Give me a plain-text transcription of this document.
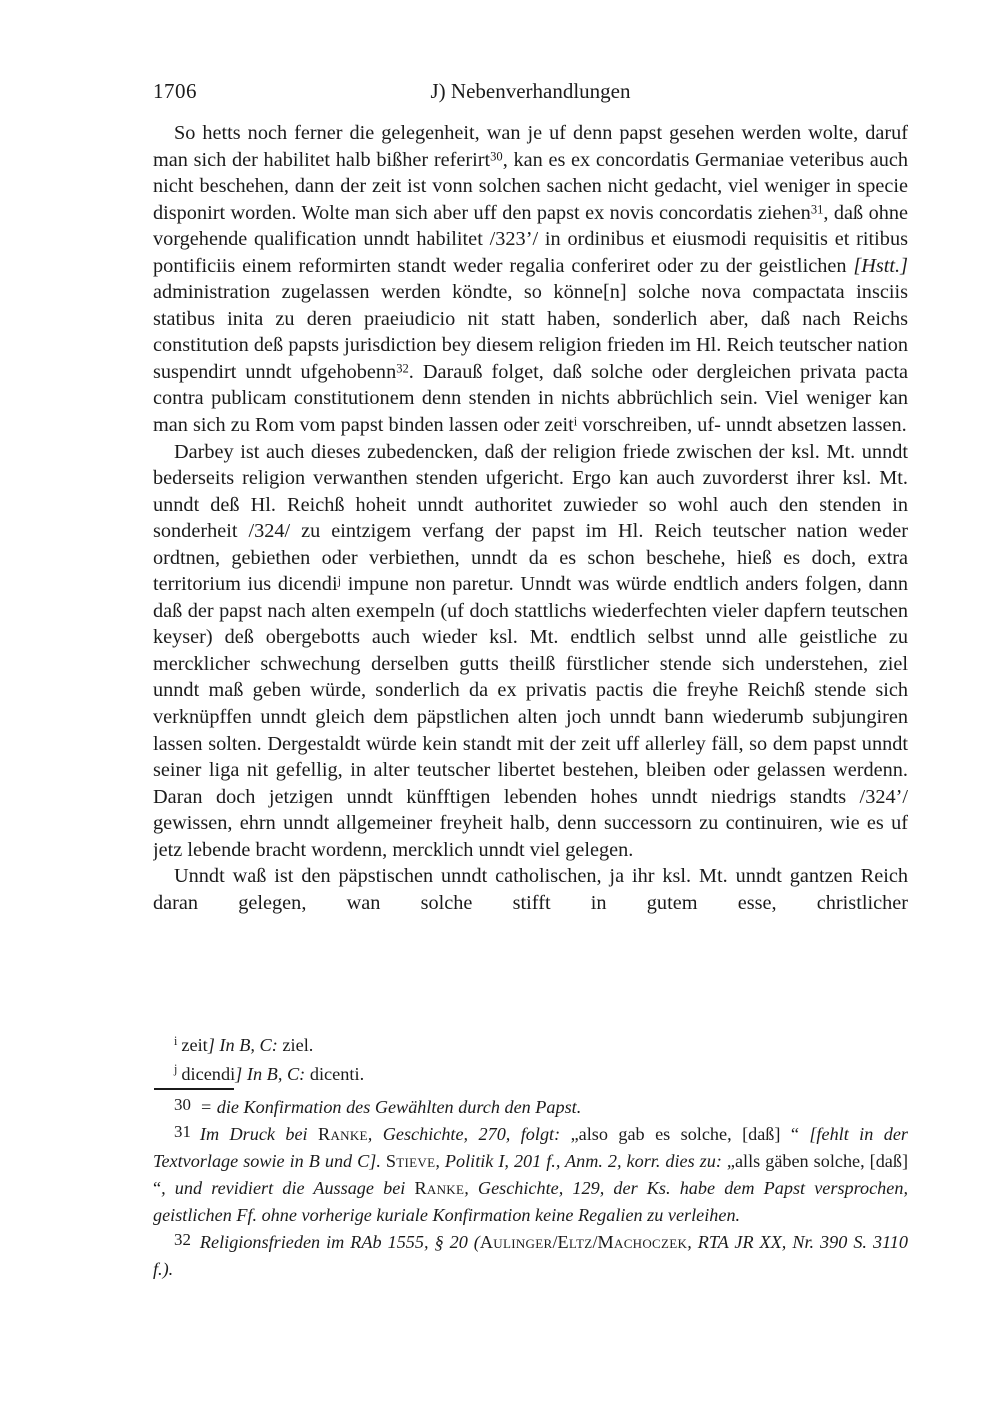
1706	J) Nebenverhandlungen

So hetts noch ferner die gelegenheit, wan je uf denn papst gesehen werden wolte, daruf man sich der habilitet halb bißher referirt$^{30}$, kan es ex concordatis Germaniae veteribus auch nicht beschehen, dann der zeit ist vonn solchen sachen nicht gedacht, viel weniger in specie disponirt worden. Wolte man sich aber uff den papst ex novis concordatis ziehen$^{31}$, daß ohne vorgehende qualification unndt habilitet /323’/ in ordinibus et eiusmodi requisitis et ritibus pontificiis einem reformirten standt weder regalia conferiret oder zu der geistlichen [Hstt.] administration zugelassen werden köndte, so könne[n] solche nova compactata insciis statibus inita zu deren praeiudicio nit statt haben, sonderlich aber, daß nach Reichs constitution deß papsts jurisdiction bey diesem religion frieden im Hl. Reich teutscher nation suspendirt unndt ufgehobenn$^{32}$. Darauß folget, daß solche oder dergleichen privata pacta contra publicam constitutionem denn stenden in nichts abbrüchlich sein. Viel weniger kan man sich zu Rom vom papst binden lassen oder zeit$^i$ vorschreiben, uf- unndt absetzen lassen.

Darbey ist auch dieses zubedencken, daß der religion friede zwischen der ksl. Mt. unndt bederseits religion verwanthen stenden ufgericht. Ergo kan auch zuvorderst ihrer ksl. Mt. unndt deß Hl. Reichß hoheit unndt authoritet zuwieder so wohl auch den stenden in sonderheit /324/ zu eintzigem verfang der papst im Hl. Reich teutscher nation weder ordtnen, gebiethen oder verbiethen, unndt da es schon beschehe, hieß es doch, extra territorium ius dicendi$^j$ impune non paretur. Unndt was würde endtlich anders folgen, dann daß der papst nach alten exempeln (uf doch stattlichs wiederfechten vieler dapfern teutschen keyser) deß obergebotts auch wieder ksl. Mt. endtlich selbst unnd alle geistliche zu mercklicher schwechung derselben gutts theilß fürstlicher stende sich understehen, ziel unndt maß geben würde, sonderlich da ex privatis pactis die freyhe Reichß stende sich verknüpffen unndt gleich dem päpstlichen alten joch unndt bann wiederumb subjungiren lassen solten. Dergestaldt würde kein standt mit der zeit uff allerley fäll, so dem papst unndt seiner liga nit gefellig, in alter teutscher libertet bestehen, bleiben oder gelassen werdenn. Daran doch jetzigen unndt künfftigen lebenden hohes unndt niedrigs standts /324’/ gewissen, ehrn unndt allgemeiner freyheit halb, denn successorn zu continuiren, wie es uf jetz lebende bracht wordenn, mercklich unndt viel gelegen.

Unndt waß ist den päpstischen unndt catholischen, ja ihr ksl. Mt. unndt gantzen Reich daran gelegen, wan solche stifft in gutem esse, christlicher

$^i$ zeit] In B, C: ziel.

$^j$ dicendi] In B, C: dicenti.

30 = die Konfirmation des Gewählten durch den Papst.

31 Im Druck bei Ranke, Geschichte, 270, folgt: „also gab es solche, [daß] “ [fehlt in der Textvorlage sowie in B und C]. Stieve, Politik I, 201 f., Anm. 2, korr. dies zu: „alls gäben solche, [daß] “, und revidiert die Aussage bei Ranke, Geschichte, 129, der Ks. habe dem Papst versprochen, geistlichen Ff. ohne vorherige kuriale Konfirmation keine Regalien zu verleihen.

32 Religionsfrieden im RAb 1555, § 20 (Aulinger/Eltz/Machoczek, RTA JR XX, Nr. 390 S. 3110 f.).
